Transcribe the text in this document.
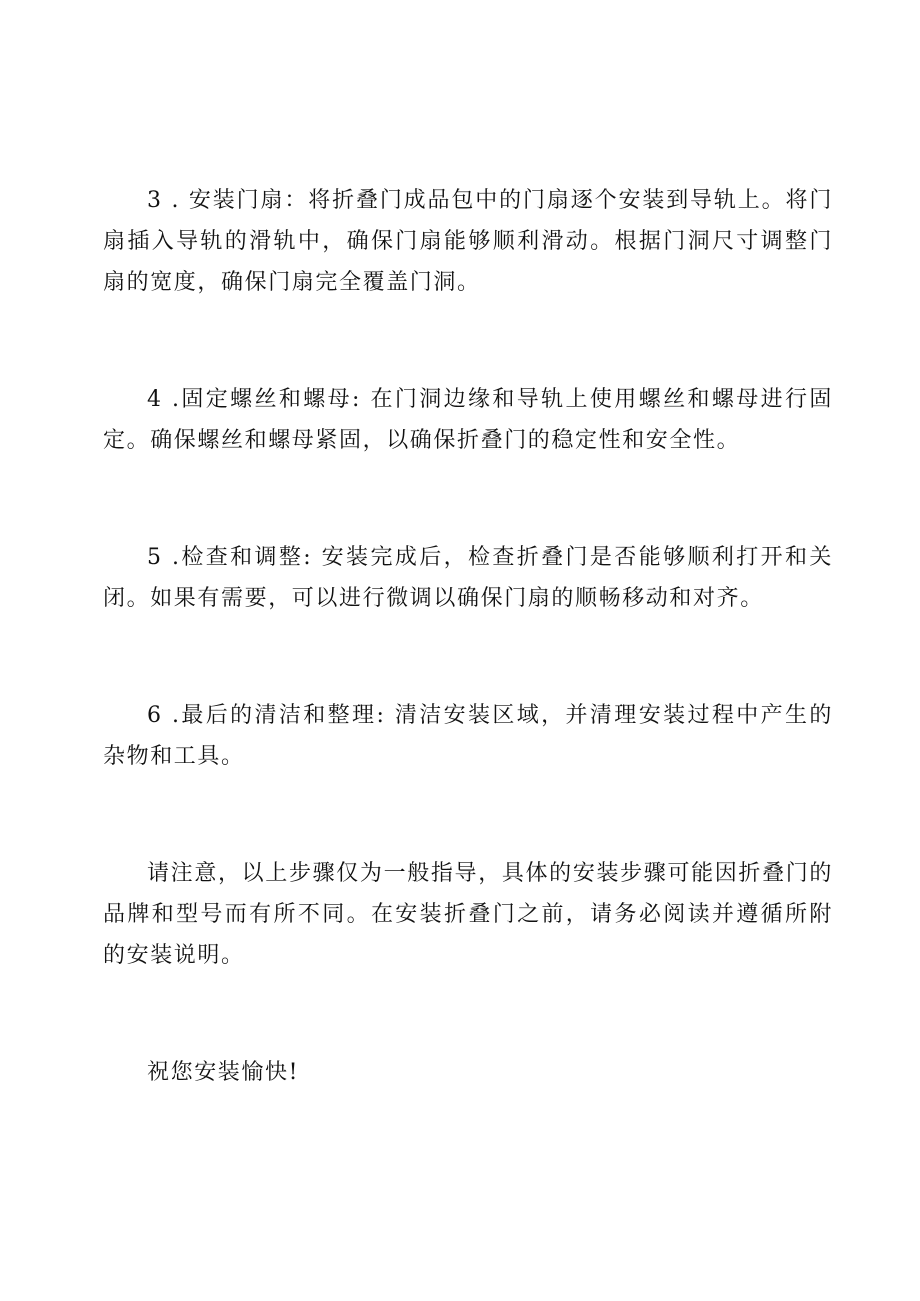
3 . 安装门扇：将折叠门成品包中的门扇逐个安装到导轨上。将门扇插入导轨的滑轨中，确保门扇能够顺利滑动。根据门洞尺寸调整门扇的宽度，确保门扇完全覆盖门洞。

4 .固定螺丝和螺母: 在门洞边缘和导轨上使用螺丝和螺母进行固定。确保螺丝和螺母紧固，以确保折叠门的稳定性和安全性。

5 .检查和调整: 安装完成后，检查折叠门是否能够顺利打开和关闭。如果有需要，可以进行微调以确保门扇的顺畅移动和对齐。

6 .最后的清洁和整理: 清洁安装区域，并清理安装过程中产生的杂物和工具。

请注意，以上步骤仅为一般指导，具体的安装步骤可能因折叠门的品牌和型号而有所不同。在安装折叠门之前，请务必阅读并遵循所附的安装说明。

祝您安装愉快!
